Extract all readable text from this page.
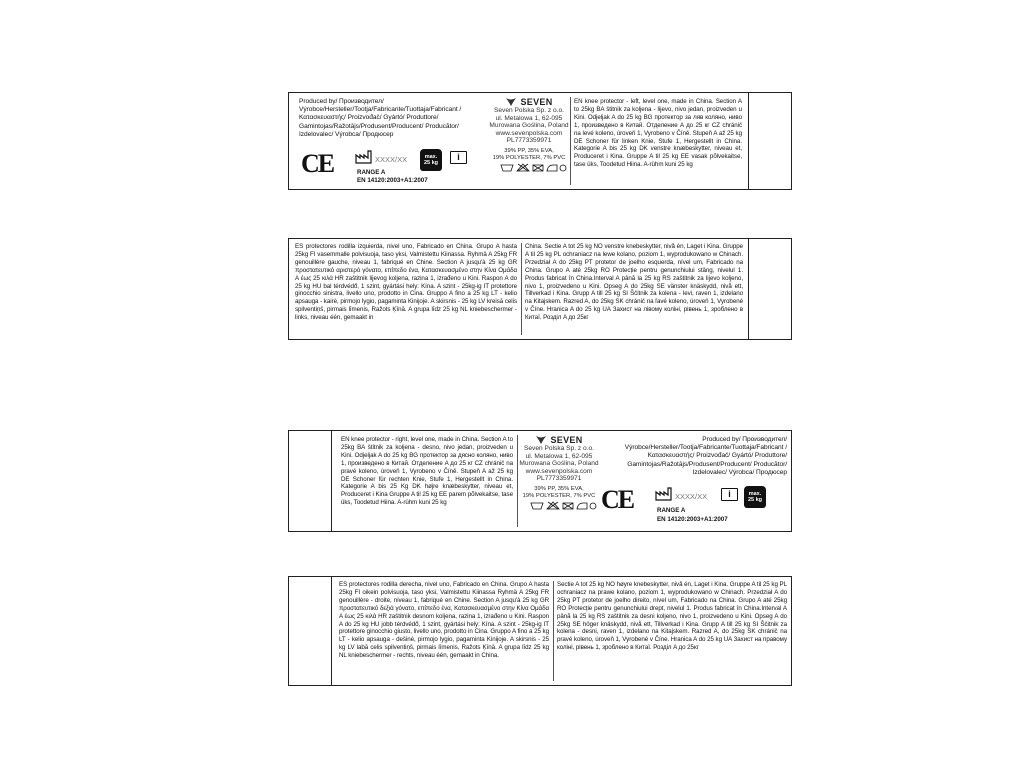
Produced by/ Производител/ Výrobce/Hersteller/Tootja/Fabricante/Tuottaja/Fabricant /Κατασκευαστής/ Proizvođač/ Gyártó/ Produttore/ Gamintojas/Ražotājs/Produsent/Producent/ Producător/ Izdelovalec/ Výrobca/ Продюсер
CE	XXXX/XX	max.
25 kg
i
RANGE A
EN 14120:2003+A1:2007
SEVEN
Seven Polska Sp. z o.o.
ul. Metalowa 1, 62-095
Murowana Goślina, Poland
www.sevenpolska.com
PL7773359971
39% PP, 35% EVA,
19% POLYESTER, 7% PVC
EN knee protector - left, level one, made in China. Section A to 25kg BA štitnik za koljena - lijevo, nivo jedan, proizveden u Kini. Odjeljak A do 25 kg BG протектор за ляв коляно, ниво 1, произведено в Китай. Отделение A до 25 кг CZ chránič na levé koleno, úroveň 1, Vyrobeno v Číně. Stupeň A až 25 kg DE Schoner für linken Knie, Stufe 1, Hergestellt in China. Kategorie A bis 25 kg DK venstre knæbeskytter, niveau et, Produceret i Kina. Gruppe A til 25 kg EE vasak põlvekaitse, tase üks, Toodetud Hiina. A-rühm kuni 25 kg
ES protectores rodilla izquierda, nivel uno, Fabricado en China. Grupo A hasta 25kg FI vasemmalle polvisuoja, taso yksi, Valmistettu Kiinassa. Ryhmä A 25kg FR genouillère gauche, niveau 1, fabriqué en Chine. Section A jusqu'à 25 kg GR προστατευτικό αριστερό γόνατο, επίπεδο ένα, Κατασκευασμένο στην Κίνα Ομάδα A έως 25 κιλά HR zaštitnik lijevog koljena, razina 1, izrađeno u Kini. Raspon A do 25 kg HU bal térdvédő, 1 szint, gyártási hely: Kína. A szint - 25kg-ig IT protettore ginocchio sinistra, livello uno, prodotto in Cina. Gruppo A fino a 25 kg LT - kelio apsauga - kairė, pirmojo lygio, pagaminta Kinijoje. A skirsnis - 25 kg LV kreisā celis spilventiņš, pirmais līmenis, Ražots Ķīnā. A grupa līdz 25 kg NL kniebeschermer - links, niveau één, gemaakt in
China. Sectie A tot 25 kg NO venstre knebeskytter, nivå én, Laget i Kina. Gruppe A til 25 kg PL ochraniacz na lewe kolano, poziom 1, wyprodukowano w Chinach. Przedział A do 25kg PT protetor de joelho esquerda, nível um, Fabricado na China. Grupo A até 25kg RO Protecție pentru genunchiului stâng, nivelul 1. Produs fabricat în China.Interval A până la 25 kg RS zaštitnik za lijevo koljeno, nivo 1, proizvedeno u Kini. Opseg A do 25kg SE vänster knäskydd, nivå ett, Tillverkad i Kina. Grupp A till 25 kg SI Ščitnik za kolena - levi, raven 1, izdelano na Kitajskem. Razred A, do 25kg SK chránič na ľavé koleno, úroveň 1, Vyrobené v Číne. Hranica A do 25 kg UA Захист на лівому коліні, рівень 1, зроблено в Китаї. Розділ A до 25кг
EN knee protector - right, level one, made in China. Section A to 25kg BA štitnik za koljena - desno, nivo jedan, proizveden u Kini. Odjeljak A do 25 kg BG протектор за дясно коляно, ниво 1, произведено в Китай. Отделение A до 25 кг CZ chránič na pravé koleno, úroveň 1, Vyrobeno v Číně. Stupeň A až 25 kg DE Schoner für rechten Knie, Stufe 1, Hergestellt in China. Kategorie A bis 25 Kg DK højre knæbeskytter, niveau et, Produceret i Kina Gruppe A til 25 kg EE parem põlvekaitse, tase üks, Toodetud Hiina. A-rühm kuni 25 kg
SEVEN
Seven Polska Sp. z o.o.
ul. Metalowa 1, 62-095
Murowana Goślina, Poland
www.sevenpolska.com
PL7773359971
39% PP, 35% EVA,
19% POLYESTER, 7% PVC
Produced by/ Производител/ Výrobce/Hersteller/Tootja/Fabricante/Tuottaja/Fabricant /Κατασκευαστής/ Proizvođač/ Gyártó/ Produttore/ Gamintojas/Ražotājs/Produsent/Producent/ Producător/ Izdelovalec/ Výrobca/ Продюсер
CE	XXXX/XX	i	max.
25 kg
RANGE A
EN 14120:2003+A1:2007
ES protectores rodilla derecha, nivel uno, Fabricado en China. Grupo A hasta 25kg FI oikein polvisuoja, taso yksi, Valmistettu Kiinassa Ryhmä A 25kg FR genouillère - droite, niveau 1, fabriqué en Chine. Section A jusqu'à 25 kg GR προστατευτικό δεξιά γόνατο, επίπεδο ένα, Κατασκευασμένο στην Κίνα Ομάδα A έως 25 κιλά HR zaštitnik desnom koljena, razina 1, izrađeno u Kini. Raspon A do 25 kg HU jobb térdvédő, 1 szint, gyártási hely: Kína. A szint - 25kg-ig IT protettore ginocchio giusto, livello uno, prodotto in Cina. Gruppo A fino a 25 kg LT - kelio apsauga - dešinė, pirmojo lygio, pagaminta Kinijoje. A skirsnis - 25 kg LV labā celis spilventiņš, pirmais līmenis, Ražots Ķīnā. A grupa līdz 25 kg NL kniebeschermer - rechts, niveau één, gemaakt in China.
Sectie A tot 25 kg NO høyre knebeskytter, nivå én, Laget i Kina. Gruppe A til 25 kg PL ochraniacz na prawe kolano, poziom 1, wyprodukowano w Chinach. Przedział A do 25kg PT protetor de joelho direito, nível um, Fabricado na China. Grupo A até 25kg RO Protecție pentru genunchiului drept, nivelul 1. Produs fabricat în China.Interval A până la 25 kg RS zaštitnik za desni koljeno, nivo 1, proizvedeno u Kini. Opseg A do 25kg SE höger knäskydd, nivå ett, Tillverkad i Kina. Grupp A till 25 kg SI Ščitnik za kolena - desni, raven 1, izdelano na Kitajskem. Razred A, do 25kg SK chránič na pravé koleno, úroveň 1, Vyrobené v Číne. Hranica A do 25 kg UA Захист на правому коліні, рівень 1, зроблено в Китаї. Розділ A до 25кг
